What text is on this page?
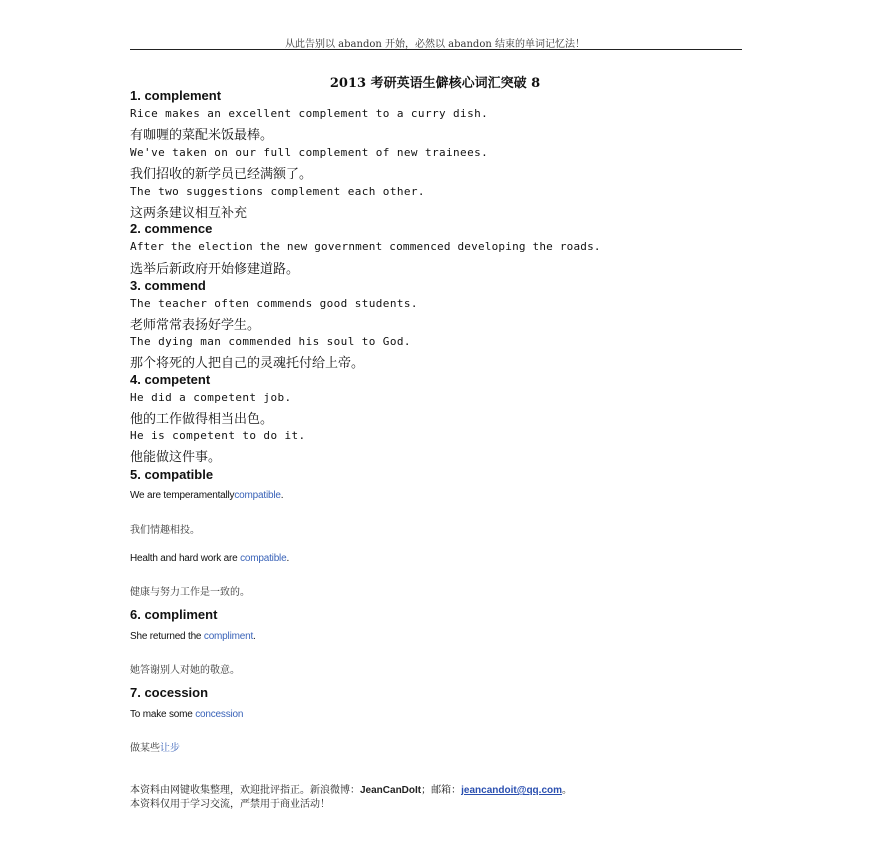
从此告别以 abandon 开始，必然以 abandon 结束的单词记忆法！
2013 考研英语生僻核心词汇突破 8
1. complement
Rice makes an excellent complement to a curry dish.
有咖喱的菜配米饭最棒。
We've taken on our full complement of new trainees.
我们招收的新学员已经满额了。
The two suggestions complement each other.
这两条建议相互补充
2. commence
After the election the new government commenced developing the roads.
选举后新政府开始修建道路。
3. commend
The teacher often commends good students.
老师常常表扬好学生。
The dying man commended his soul to God.
那个将死的人把自己的灵魂托付给上帝。
4. competent
He did a competent job.
他的工作做得相当出色。
He is competent to do it.
他能做这件事。
5. compatible
We are temperamentallycompatible.
我们情趣相投。
Health and hard work are compatible.
健康与努力工作是一致的。
6. compliment
She returned the compliment.
她答谢别人对她的敬意。
7. cocession
To make some concession
做某些让步
本资料由网键收集整理，欢迎批评指正。新浪微博：JeanCanDoIt；邮箱：jeancandoit@qq.com。
本资料仅用于学习交流，严禁用于商业活动！
